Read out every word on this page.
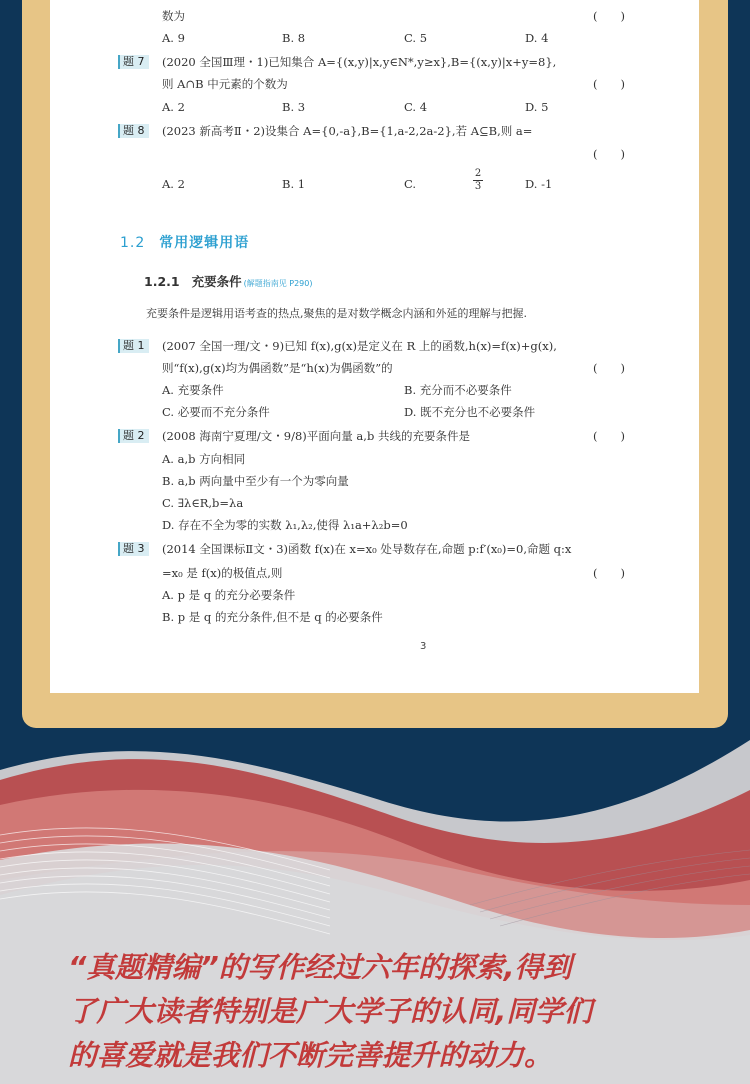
数为	(　　)
A. 9	B. 8	C. 5	D. 4
题 7	(2020 全国Ⅲ理・1)已知集合 A={(x,y)|x,y∈N*,y≥x},B={(x,y)|x+y=8},
则 A∩B 中元素的个数为	(　　)
A. 2	B. 3	C. 4	D. 5
题 8	(2023 新高考Ⅱ・2)设集合 A={0,-a},B={1,a-2,2a-2},若 A⊆B,则 a=
(　　)
A. 2	B. 1	C.	$\frac{2}{3}$	D. -1
1.2 常用逻辑用语
1.2.1 充要条件 (解题指南见 P290)
充要条件是逻辑用语考查的热点,聚焦的是对数学概念内涵和外延的理解与把握.
题 1	(2007 全国一理/文・9)已知 f(x),g(x)是定义在 R 上的函数,h(x)=f(x)+g(x),
则“f(x),g(x)均为偶函数”是“h(x)为偶函数”的	(　　)
A. 充要条件	B. 充分而不必要条件
C. 必要而不充分条件	D. 既不充分也不必要条件
题 2	(2008 海南宁夏理/文・9/8)平面向量 a,b 共线的充要条件是	(　　)
A. a,b 方向相同
B. a,b 两向量中至少有一个为零向量
C. ∃λ∈R,b=λa
D. 存在不全为零的实数 λ₁,λ₂,使得 λ₁a+λ₂b=0
题 3	(2014 全国课标Ⅱ文・3)函数 f(x)在 x=x₀ 处导数存在,命题 p:f′(x₀)=0,命题 q:x
=x₀ 是 f(x)的极值点,则	(　　)
A. p 是 q 的充分必要条件
B. p 是 q 的充分条件,但不是 q 的必要条件
3
“真题精编”的写作经过六年的探索,得到
了广大读者特别是广大学子的认同,同学们
的喜爱就是我们不断完善提升的动力。
